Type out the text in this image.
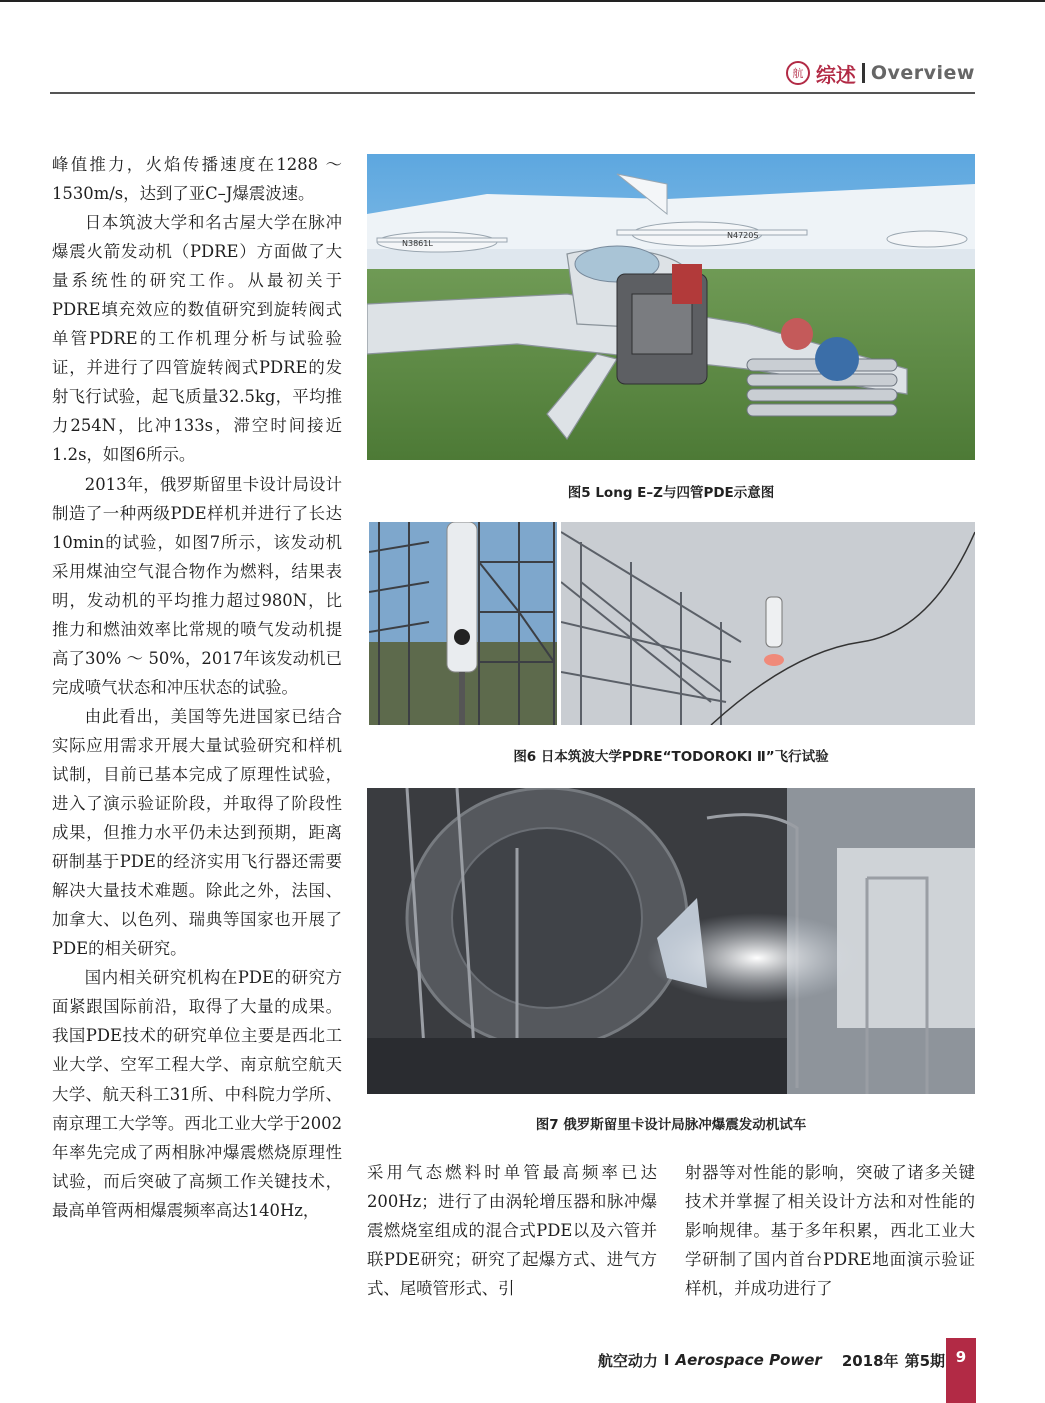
航 综述 Overview

峰值推力，火焰传播速度在1288 ～ 1530m/s，达到了亚C–J爆震波速。

日本筑波大学和名古屋大学在脉冲爆震火箭发动机（PDRE）方面做了大量系统性的研究工作。从最初关于PDRE填充效应的数值研究到旋转阀式单管PDRE的工作机理分析与试验验证，并进行了四管旋转阀式PDRE的发射飞行试验，起飞质量32.5kg，平均推力254N，比冲133s，滞空时间接近1.2s，如图6所示。

2013年，俄罗斯留里卡设计局设计制造了一种两级PDE样机并进行了长达10min的试验，如图7所示，该发动机采用煤油空气混合物作为燃料，结果表明，发动机的平均推力超过980N，比推力和燃油效率比常规的喷气发动机提高了30% ～ 50%，2017年该发动机已完成喷气状态和冲压状态的试验。

由此看出，美国等先进国家已结合实际应用需求开展大量试验研究和样机试制，目前已基本完成了原理性试验，进入了演示验证阶段，并取得了阶段性成果，但推力水平仍未达到预期，距离研制基于PDE的经济实用飞行器还需要解决大量技术难题。除此之外，法国、加拿大、以色列、瑞典等国家也开展了PDE的相关研究。

国内相关研究机构在PDE的研究方面紧跟国际前沿，取得了大量的成果。我国PDE技术的研究单位主要是西北工业大学、空军工程大学、南京航空航天大学、航天科工31所、中科院力学所、南京理工大学等。西北工业大学于2002年率先完成了两相脉冲爆震燃烧原理性试验，而后突破了高频工作关键技术，最高单管两相爆震频率高达140Hz，

N3861L
N4720S
图5 Long E–Z与四管PDE示意图
图6 日本筑波大学PDRE“TODOROKI Ⅱ”飞行试验
图7 俄罗斯留里卡设计局脉冲爆震发动机试车

采用气态燃料时单管最高频率已达200Hz；进行了由涡轮增压器和脉冲爆震燃烧室组成的混合式PDE以及六管并联PDE研究；研究了起爆方式、进气方式、尾喷管形式、引

射器等对性能的影响，突破了诸多关键技术并掌握了相关设计方法和对性能的影响规律。基于多年积累，西北工业大学研制了国内首台PDRE地面演示验证样机，并成功进行了

航空动力 I Aerospace Power 2018年 第5期 9
